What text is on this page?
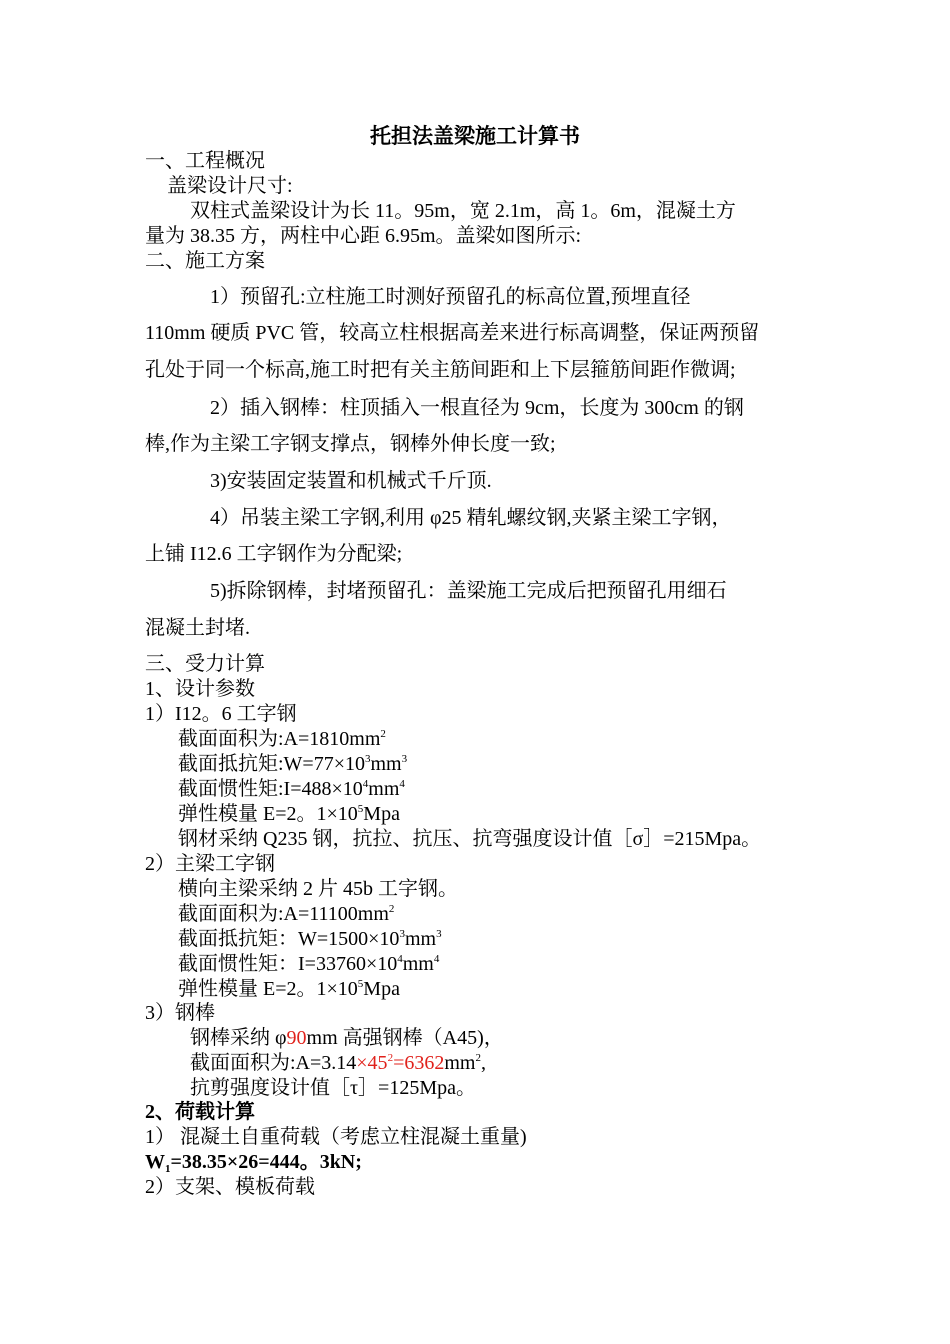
托担法盖梁施工计算书
一、工程概况
盖梁设计尺寸:
双柱式盖梁设计为长 11。95m，宽 2.1m，高 1。6m，混凝土方
量为 38.35 方，两柱中心距 6.95m。盖梁如图所示:
二、施工方案
1）预留孔:立柱施工时测好预留孔的标高位置,预埋直径
110mm 硬质 PVC 管，较高立柱根据高差来进行标高调整，保证两预留
孔处于同一个标高,施工时把有关主筋间距和上下层箍筋间距作微调;
2）插入钢棒：柱顶插入一根直径为 9cm，长度为 300cm 的钢
棒,作为主梁工字钢支撑点，钢棒外伸长度一致;
3)安装固定装置和机械式千斤顶.
4）吊装主梁工字钢,利用 φ25 精轧螺纹钢,夹紧主梁工字钢，
上铺 I12.6 工字钢作为分配梁;
5)拆除钢棒，封堵预留孔：盖梁施工完成后把预留孔用细石
混凝土封堵.
三、受力计算
1、设计参数
1）I12。6 工字钢
截面面积为$:A=1810mm^2$
截面抵抗矩$:W=77\times 10^3mm^3$
截面惯性矩$:I=488\times 10^4mm^4$
弹性模量 E=2。$1\times 10^5Mpa$
钢材采纳 Q235 钢，抗拉、抗压、抗弯强度设计值［σ］=215Mpa。
2）主梁工字钢
横向主梁采纳 2 片 45b 工字钢。
截面面积为$:A=11100mm^2$
截面抵抗矩：$W=1500\times 10^3mm^3$
截面惯性矩：$I=33760\times 10^4mm^4$
弹性模量 E=2。$1\times 10^5Mpa$
3）钢棒
钢棒采纳 φ90mm 高强钢棒（A45)，
截面面积为$:A=3.14\times 45^2=6362mm^2$,
抗剪强度设计值［τ］=125Mpa。
2、荷载计算
1） 混凝土自重荷载（考虑立柱混凝土重量)
$W_1=38.35\times 26=444$。3kN;
2）支架、模板荷载
